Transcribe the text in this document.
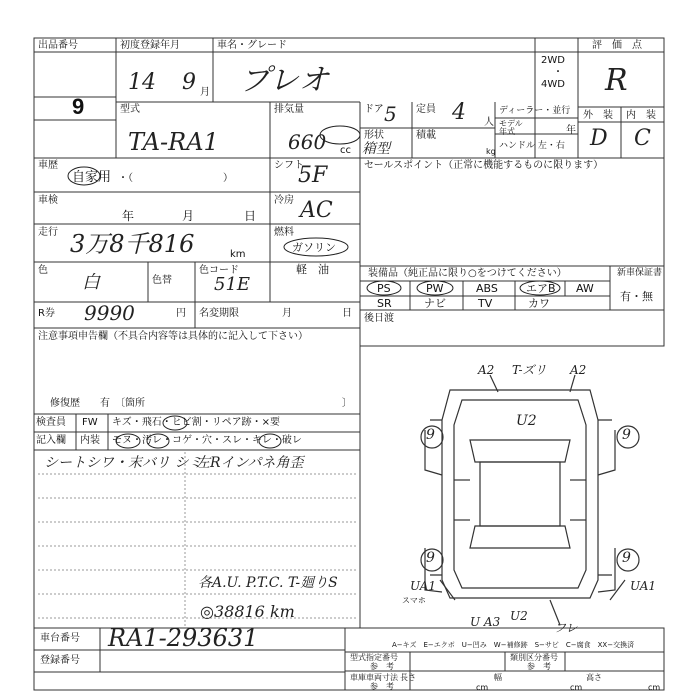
出品番号
9
初度登録年月
14 9 月
車名・グレード
プレオ
2WD
・
4WD
評　価　点
R
外　装 内　装
D C
型式
TA-RA1
排気量
660 cc
ドア 5 定員 4 人
ディーラー・並行
モデル
年式	年
形状
箱型
積載
kg
ハンドル 左・右
車歴
自家用 ・（　　　　　　　　　）
シフト
5F
車検
年	月	日
冷房 AC
走行 3万8千816	km
燃料
ガソリン
軽　油
色
白	色替
色コード
51E
R券 9990	円 名変期限	月	日
セールスポイント（正常に機能するものに限ります）
装備品（純正品に限り○をつけてください）	新車保証書
有・無
PS	PW	ABS	エアB AW
SR	ナビ	TV	カワ
後日渡
注意事項申告欄（不具合内容等は具体的に記入して下さい）
修復歴　　有　〔箇所	〕
検査員
記入欄
FW キズ・飛石・ヒビ割・リペア跡・×要
内装 モヌ・汚レ・コゲ・穴・スレ・キレ・破レ
シートシワ・末バリ シミ
左Rインパネ角歪
各A.U. P.T.C. T-廻りS
◎38816 km
A2 T-ズリ A2
U2
9	9
9	9
UA1	UA1
スマホ
U A3 U2
フレ
A−キズ　E−エクボ　U−凹み　W−補修跡　S−サビ　C−腐食　XX−交換済
車台番号 RA1-293631
登録番号	型式指定番号
参　考
類別区分番号
参　考
車庫車両寸法
参　考
長さ
cm
幅
cm
高さ
cm
